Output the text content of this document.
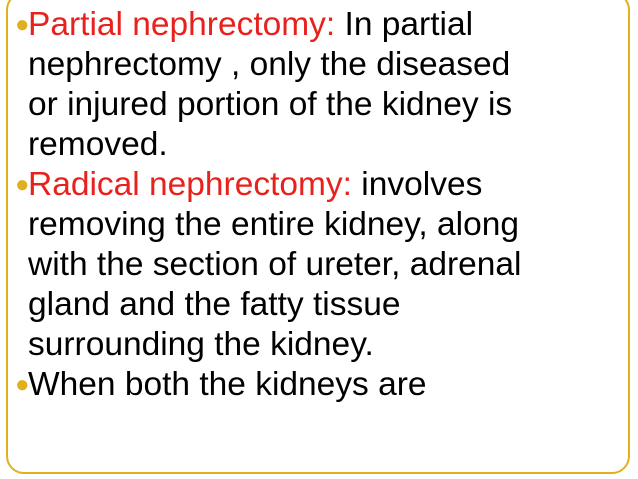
●
Partial nephrectomy: In partial
nephrectomy , only the diseased
or injured portion of the kidney is
removed.
●
Radical nephrectomy: involves
removing the entire kidney, along
with the section of ureter, adrenal
gland and the fatty tissue
surrounding the kidney.
●
When both the kidneys are
